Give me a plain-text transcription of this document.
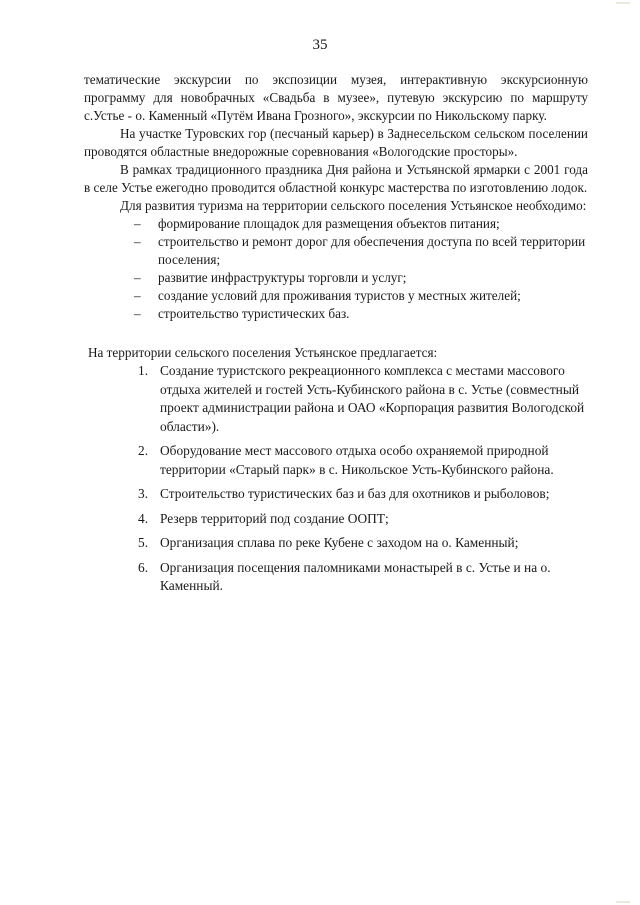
35

тематические экскурсии по экспозиции музея, интерактивную экскурсионную программу для новобрачных «Свадьба в музее», путевую экскурсию по маршруту с.Устье - о. Каменный «Путём Ивана Грозного», экскурсии по Никольскому парку.

На участке Туровских гор (песчаный карьер) в Заднесельском сельском поселении проводятся областные внедорожные соревнования «Вологодские просторы».

В рамках традиционного праздника Дня района и Устьянской ярмарки с 2001 года в селе Устье ежегодно проводится областной конкурс мастерства по изготовлению лодок.

Для развития туризма на территории сельского поселения Устьянское необходимо:

– формирование площадок для размещения объектов питания;
– строительство и ремонт дорог для обеспечения доступа по всей территории поселения;
– развитие инфраструктуры торговли и услуг;
– создание условий для проживания туристов у местных жителей;
– строительство туристических баз.

На территории сельского поселения Устьянское предлагается:

1. Создание туристского рекреационного комплекса с местами массового отдыха жителей и гостей Усть-Кубинского района в с. Устье (совместный проект администрации района и ОАО «Корпорация развития Вологодской области»).
2. Оборудование мест массового отдыха особо охраняемой природной территории «Старый парк» в с. Никольское Усть-Кубинского района.
3. Строительство туристических баз и баз для охотников и рыболовов;
4. Резерв территорий под создание ООПТ;
5. Организация сплава по реке Кубене с заходом на о. Каменный;
6. Организация посещения паломниками монастырей в с. Устье и на о. Каменный.
